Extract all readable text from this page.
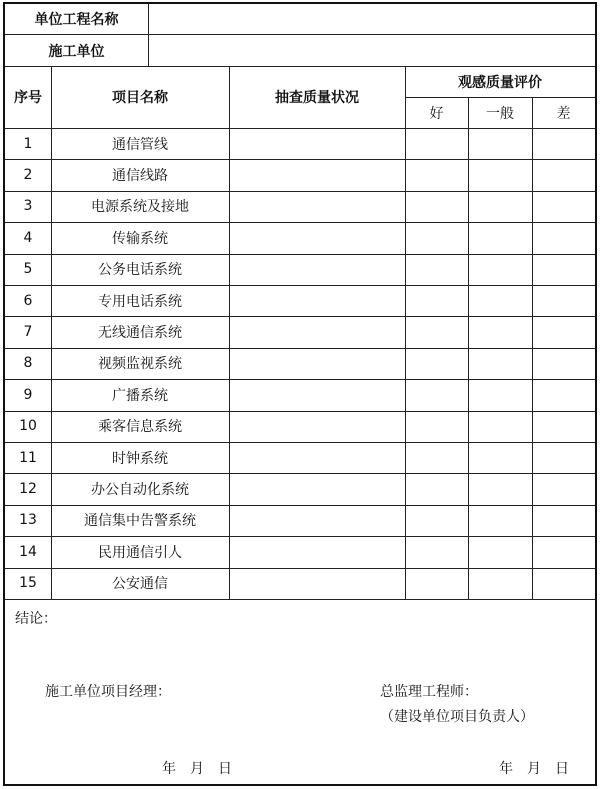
单位工程名称
施工单位
序号	项目名称	抽查质量状况
观感质量评价
好	一般	差
1	通信管线
2	通信线路
3	电源系统及接地
4	传输系统
5	公务电话系统
6	专用电话系统
7	无线通信系统
8	视频监视系统
9	广播系统
10	乘客信息系统
11	时钟系统
12	办公自动化系统
13	通信集中告警系统
14	民用通信引人
15	公安通信
结论：
施工单位项目经理：	总监理工程师：
（建设单位项目负责人）
年　月　日	年　月　日
